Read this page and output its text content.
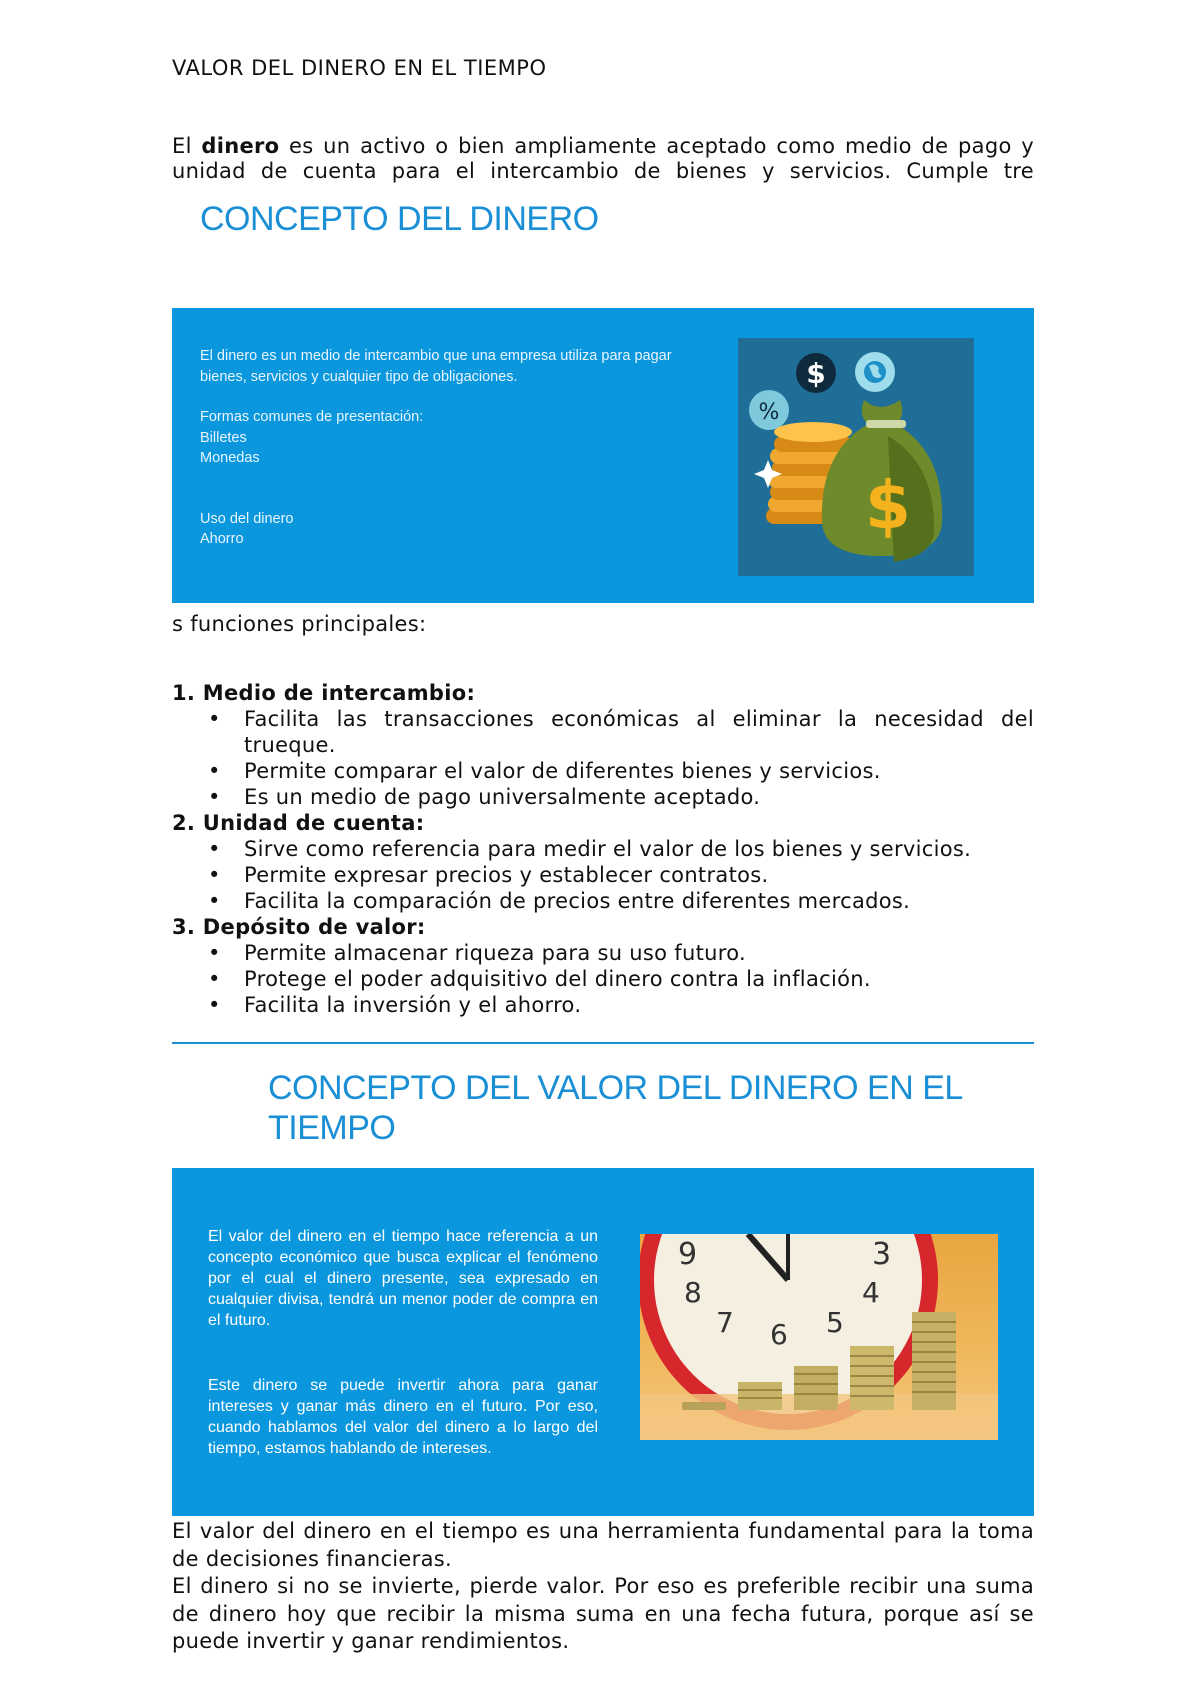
VALOR DEL DINERO EN EL TIEMPO
El dinero es un activo o bien ampliamente aceptado como medio de pago y unidad de cuenta para el intercambio de bienes y servicios. Cumple tre
CONCEPTO DEL DINERO

El dinero es un medio de intercambio que una empresa utiliza para pagar

bienes, servicios y cualquier tipo de obligaciones.

Formas comunes de presentación:

Billetes

Monedas

Uso del dinero

Ahorro

$
%
$
s funciones principales:
1. Medio de intercambio:
•	Facilita las transacciones económicas al eliminar la necesidad del trueque.
•	Permite comparar el valor de diferentes bienes y servicios.
•	Es un medio de pago universalmente aceptado.
2. Unidad de cuenta:
•	Sirve como referencia para medir el valor de los bienes y servicios.
•	Permite expresar precios y establecer contratos.
•	Facilita la comparación de precios entre diferentes mercados.
3. Depósito de valor:
•	Permite almacenar riqueza para su uso futuro.
•	Protege el poder adquisitivo del dinero contra la inflación.
•	Facilita la inversión y el ahorro.
CONCEPTO DEL VALOR DEL DINERO EN EL
TIEMPO

El valor del dinero en el tiempo hace referencia a un concepto económico que busca explicar el fenómeno por el cual el dinero presente, sea expresado en cualquier divisa, tendrá un menor poder de compra en el futuro.

Este dinero se puede invertir ahora para ganar intereses y ganar más dinero en el futuro. Por eso, cuando hablamos del valor del dinero a lo largo del tiempo, estamos hablando de intereses.

9	3
8	4
7 6 5

El valor del dinero en el tiempo es una herramienta fundamental para la toma de decisiones financieras.

El dinero si no se invierte, pierde valor. Por eso es preferible recibir una suma de dinero hoy que recibir la misma suma en una fecha futura, porque así se puede invertir y ganar rendimientos.
